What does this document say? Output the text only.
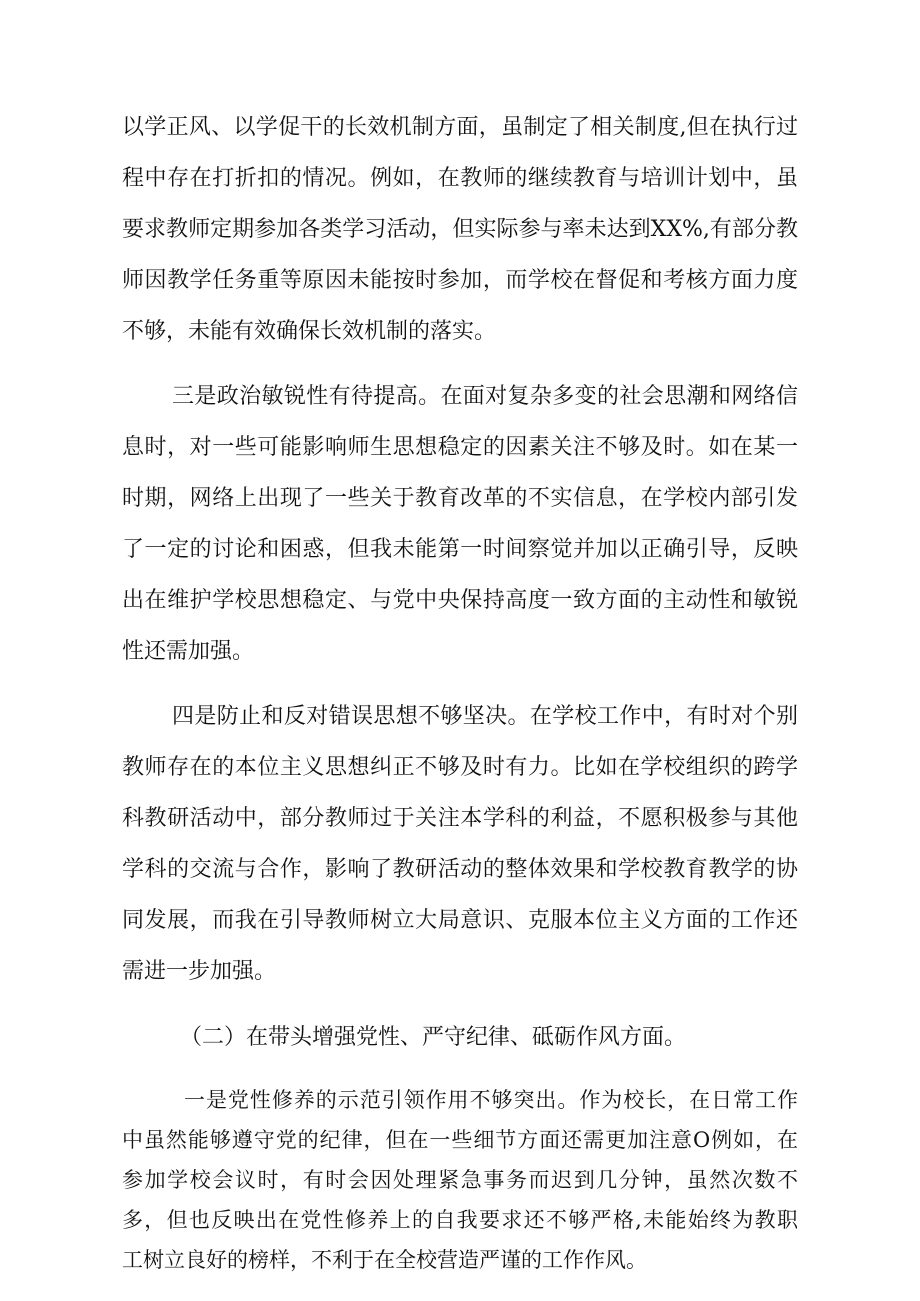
以学正风、以学促干的长效机制方面，虽制定了相关制度,但在执行过
程中存在打折扣的情况。例如，在教师的继续教育与培训计划中，虽
要求教师定期参加各类学习活动，但实际参与率未达到XX%,有部分教
师因教学任务重等原因未能按时参加，而学校在督促和考核方面力度
不够，未能有效确保长效机制的落实。
三是政治敏锐性有待提高。在面对复杂多变的社会思潮和网络信
息时，对一些可能影响师生思想稳定的因素关注不够及时。如在某一
时期，网络上出现了一些关于教育改革的不实信息，在学校内部引发
了一定的讨论和困惑，但我未能第一时间察觉并加以正确引导，反映
出在维护学校思想稳定、与党中央保持高度一致方面的主动性和敏锐
性还需加强。
四是防止和反对错误思想不够坚决。在学校工作中，有时对个别
教师存在的本位主义思想纠正不够及时有力。比如在学校组织的跨学
科教研活动中，部分教师过于关注本学科的利益，不愿积极参与其他
学科的交流与合作，影响了教研活动的整体效果和学校教育教学的协
同发展，而我在引导教师树立大局意识、克服本位主义方面的工作还
需进一步加强。
（二）在带头增强党性、严守纪律、砥砺作风方面。
一是党性修养的示范引领作用不够突出。作为校长，在日常工作
中虽然能够遵守党的纪律，但在一些细节方面还需更加注意O例如，在
参加学校会议时，有时会因处理紧急事务而迟到几分钟，虽然次数不
多，但也反映出在党性修养上的自我要求还不够严格,未能始终为教职
工树立良好的榜样，不利于在全校营造严谨的工作作风。
